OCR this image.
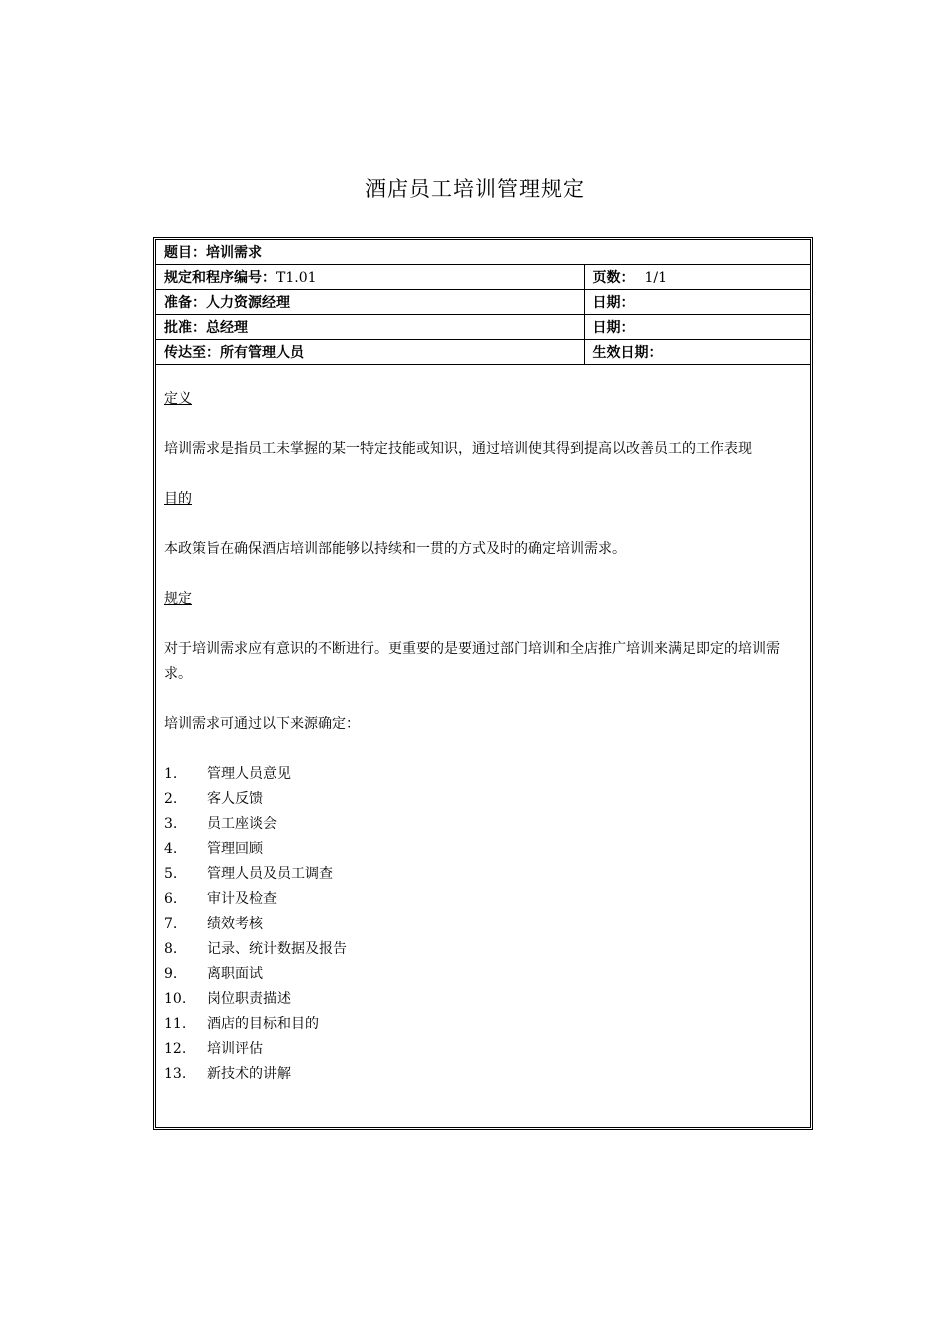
酒店员工培训管理规定
题目：培训需求	
规定和程序编号：T1.01	页数： 1/1
准备：人力资源经理	日期：
批准：总经理	日期：
传达至：所有管理人员	生效日期：
定义
培训需求是指员工未掌握的某一特定技能或知识，通过培训使其得到提高以改善员工的工作表现
目的
本政策旨在确保酒店培训部能够以持续和一贯的方式及时的确定培训需求。
规定
对于培训需求应有意识的不断进行。更重要的是要通过部门培训和全店推广培训来满足即定的培训需求。
培训需求可通过以下来源确定：
1.	管理人员意见
2.	客人反馈
3.	员工座谈会
4.	管理回顾
5.	管理人员及员工调查
6.	审计及检查
7.	绩效考核
8.	记录、统计数据及报告
9.	离职面试
10.	岗位职责描述
11.	酒店的目标和目的
12.	培训评估
13.	新技术的讲解
